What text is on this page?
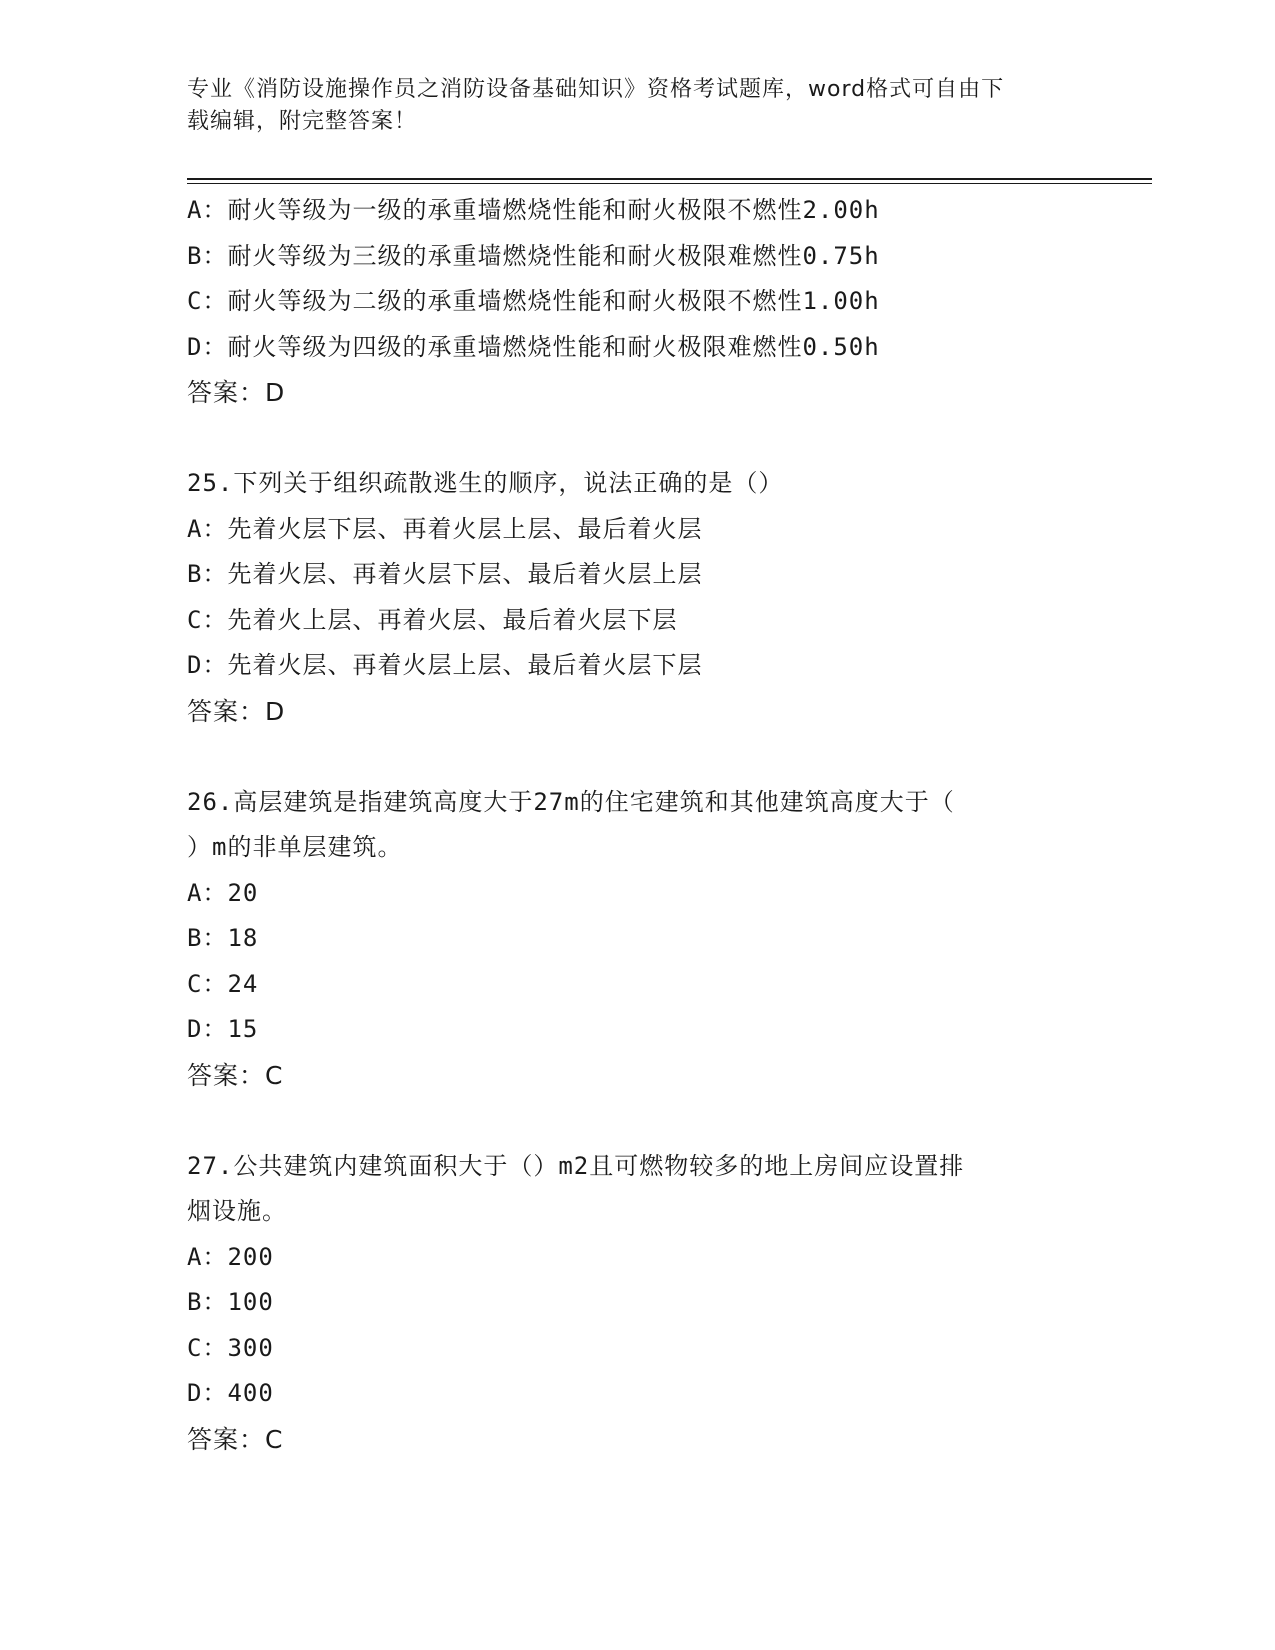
专业《消防设施操作员之消防设备基础知识》资格考试题库，word格式可自由下
载编辑，附完整答案！
A：耐火等级为一级的承重墙燃烧性能和耐火极限不燃性2.00h
B：耐火等级为三级的承重墙燃烧性能和耐火极限难燃性0.75h
C：耐火等级为二级的承重墙燃烧性能和耐火极限不燃性1.00h
D：耐火等级为四级的承重墙燃烧性能和耐火极限难燃性0.50h
答案：D
25.下列关于组织疏散逃生的顺序，说法正确的是（）
A：先着火层下层、再着火层上层、最后着火层
B：先着火层、再着火层下层、最后着火层上层
C：先着火上层、再着火层、最后着火层下层
D：先着火层、再着火层上层、最后着火层下层
答案：D
26.高层建筑是指建筑高度大于27m的住宅建筑和其他建筑高度大于（
）m的非单层建筑。
A：20
B：18
C：24
D：15
答案：C
27.公共建筑内建筑面积大于（）m2且可燃物较多的地上房间应设置排
烟设施。
A：200
B：100
C：300
D：400
答案：C
